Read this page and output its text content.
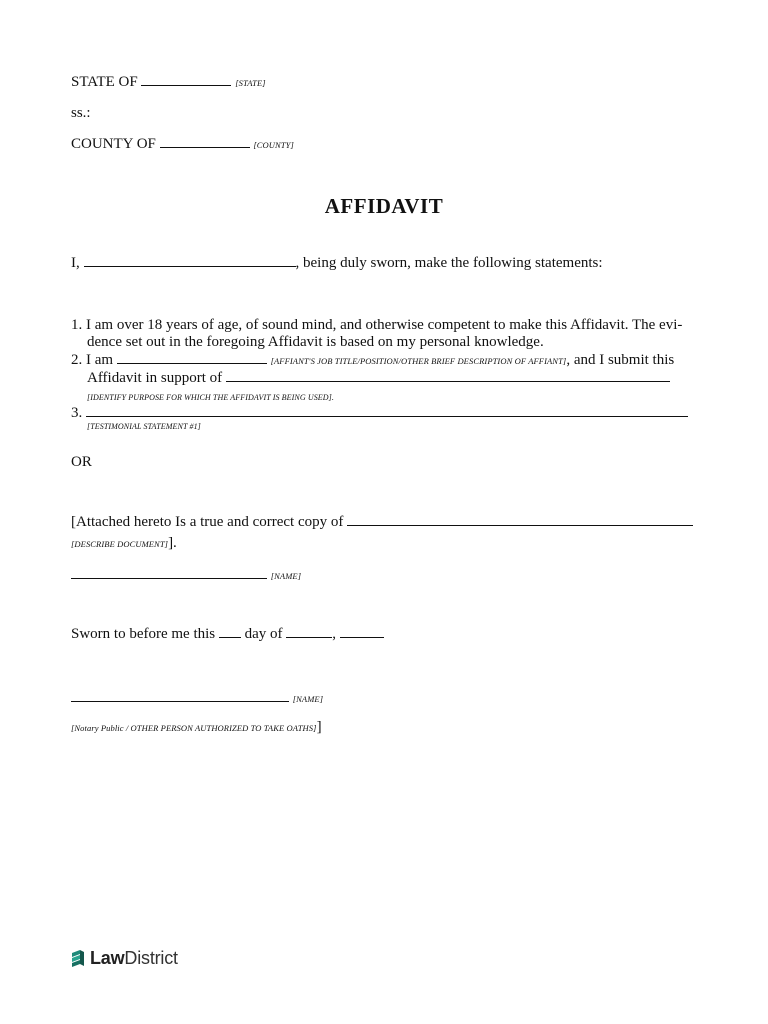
STATE OF	[STATE]
ss.:
COUNTY OF	[COUNTY]
AFFIDAVIT
I,	, being duly sworn, make the following statements:
1. I am over 18 years of age, of sound mind, and otherwise competent to make this Affidavit. The evi-
dence set out in the foregoing Affidavit is based on my personal knowledge.
2. I am	[AFFIANT'S JOB TITLE/POSITION/OTHER BRIEF DESCRIPTION OF AFFIANT], and I submit this
Affidavit in support of
[IDENTIFY PURPOSE FOR WHICH THE AFFIDAVIT IS BEING USED].
3.
[TESTIMONIAL STATEMENT #1]
OR
[Attached hereto Is a true and correct copy of
[DESCRIBE DOCUMENT]].
[NAME]
Sworn to before me this day of	,
[NAME]
[Notary Public / OTHER PERSON AUTHORIZED TO TAKE OATHS]]
LawDistrict
